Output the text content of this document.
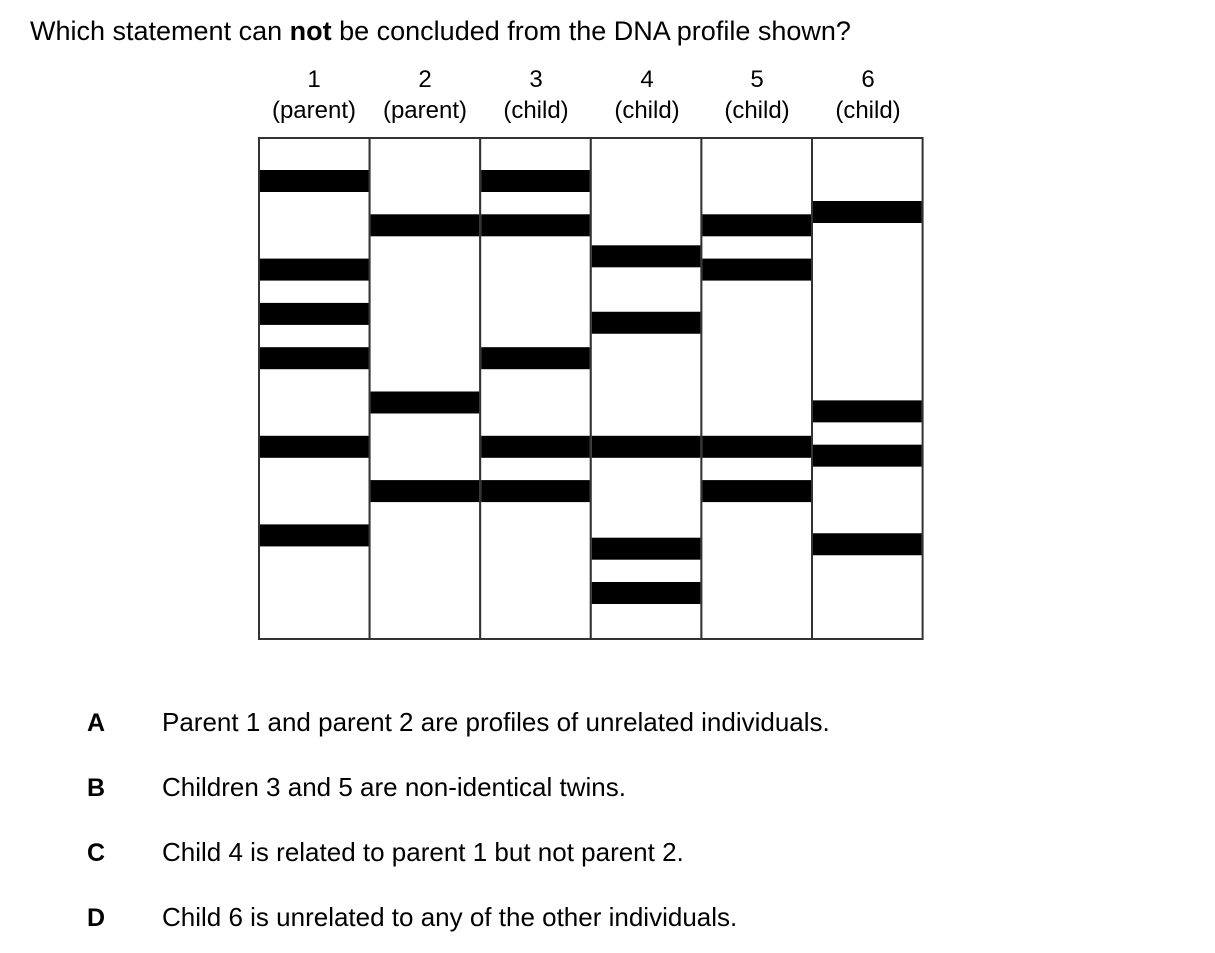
Which statement can not be concluded from the DNA profile shown?
1
(parent)
2
(parent)
3
(child)
4
(child)
5
(child)
6
(child)
A Parent 1 and parent 2 are profiles of unrelated individuals.
B Children 3 and 5 are non-identical twins.
C Child 4 is related to parent 1 but not parent 2.
D Child 6 is unrelated to any of the other individuals.
